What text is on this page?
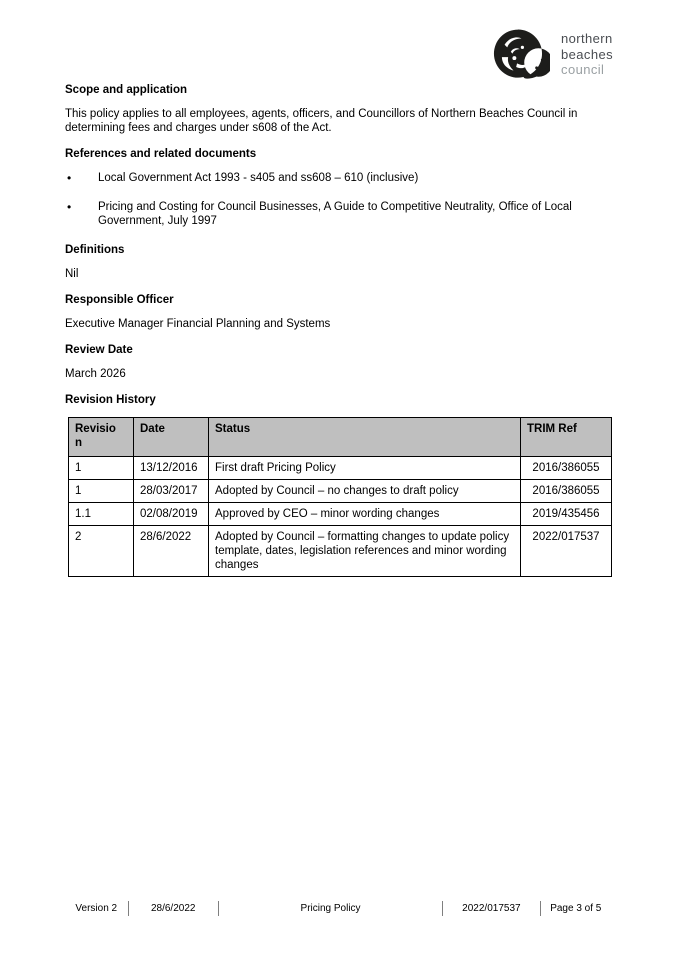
northern
beaches
council
Scope and application

This policy applies to all employees, agents, officers, and Councillors of Northern Beaches Council in determining fees and charges under s608 of the Act.

References and related documents
Local Government Act 1993 - s405 and ss608 – 610 (inclusive)
Pricing and Costing for Council Businesses, A Guide to Competitive Neutrality, Office of Local Government, July 1997
Definitions

Nil

Responsible Officer

Executive Manager Financial Planning and Systems

Review Date

March 2026

Revision History
Revision	Date	Status	TRIM Ref
1	13/12/2016	First draft Pricing Policy	2016/386055
1	28/03/2017	Adopted by Council – no changes to draft policy	2016/386055
1.1	02/08/2019	Approved by CEO – minor wording changes	2019/435456
2	28/6/2022	Adopted by Council – formatting changes to update policy template, dates, legislation references and minor wording changes	2022/017537
Version 2	28/6/2022	Pricing Policy	2022/017537	Page 3 of 5
